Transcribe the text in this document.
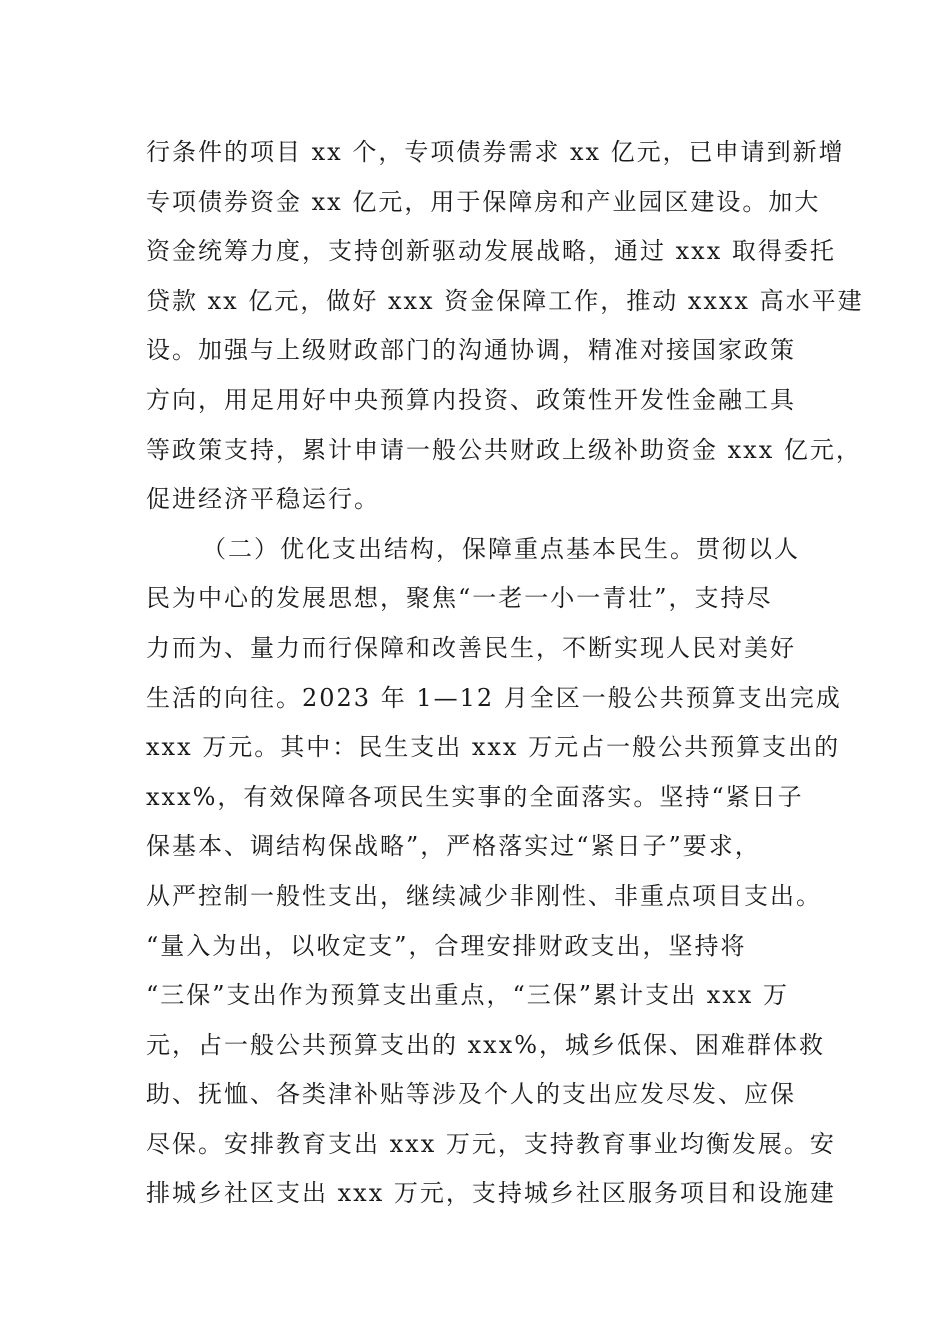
行条件的项目 xx 个，专项债券需求 xx 亿元，已申请到新增
专项债券资金 xx 亿元，用于保障房和产业园区建设。加大
资金统筹力度，支持创新驱动发展战略，通过 xxx 取得委托
贷款 xx 亿元，做好 xxx 资金保障工作，推动 xxxx 高水平建
设。加强与上级财政部门的沟通协调，精准对接国家政策
方向，用足用好中央预算内投资、政策性开发性金融工具
等政策支持，累计申请一般公共财政上级补助资金 xxx 亿元，
促进经济平稳运行。
（二）优化支出结构，保障重点基本民生。贯彻以人
民为中心的发展思想，聚焦“一老一小一青壮”，支持尽
力而为、量力而行保障和改善民生，不断实现人民对美好
生活的向往。2023 年 1—12 月全区一般公共预算支出完成
xxx 万元。其中：民生支出 xxx 万元占一般公共预算支出的
xxx%，有效保障各项民生实事的全面落实。坚持“紧日子
保基本、调结构保战略”，严格落实过“紧日子”要求，
从严控制一般性支出，继续减少非刚性、非重点项目支出。
“量入为出，以收定支”，合理安排财政支出，坚持将
“三保”支出作为预算支出重点，“三保”累计支出 xxx 万
元，占一般公共预算支出的 xxx%，城乡低保、困难群体救
助、抚恤、各类津补贴等涉及个人的支出应发尽发、应保
尽保。安排教育支出 xxx 万元，支持教育事业均衡发展。安
排城乡社区支出 xxx 万元，支持城乡社区服务项目和设施建
